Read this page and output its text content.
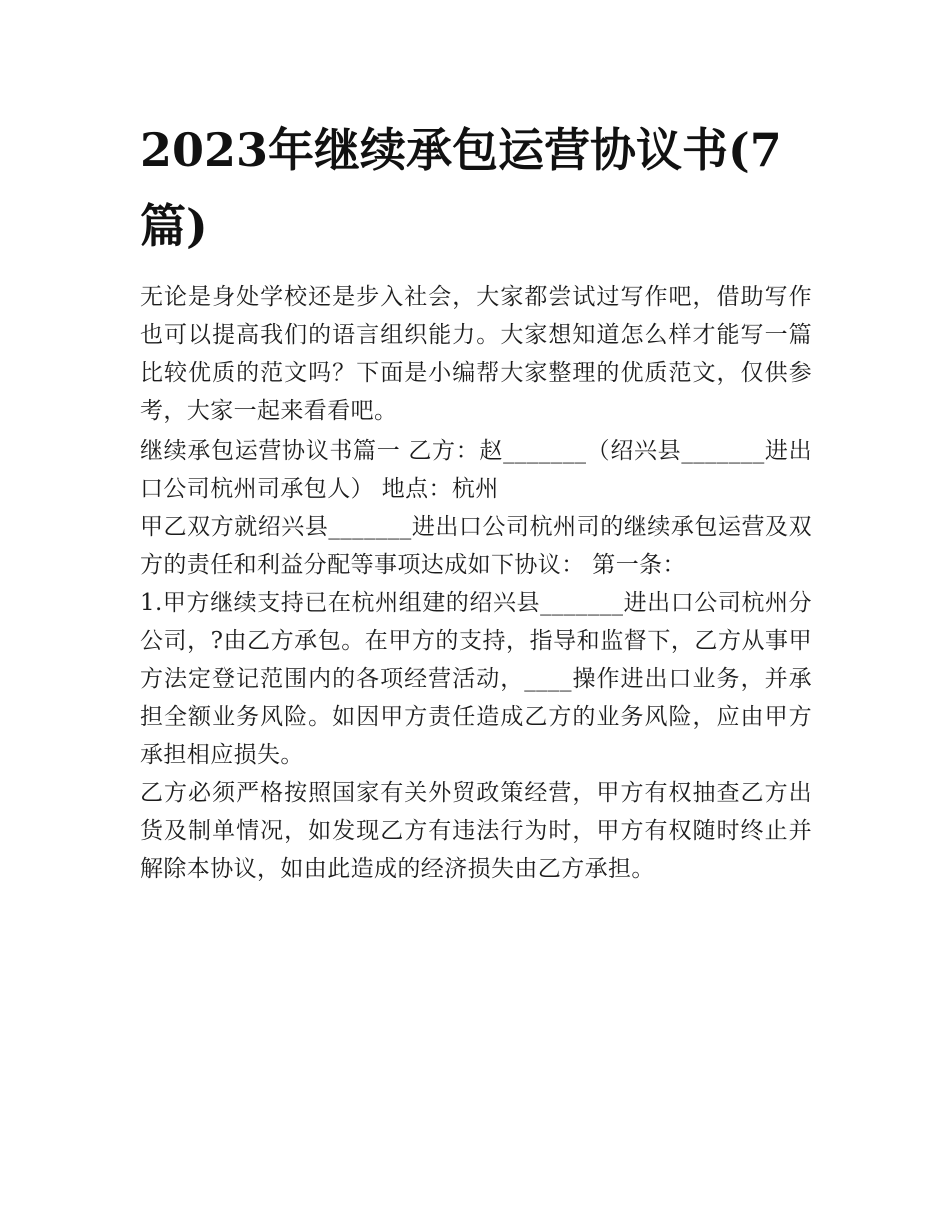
2023年继续承包运营协议书(7篇)

无论是身处学校还是步入社会，大家都尝试过写作吧，借助写作也可以提高我们的语言组织能力。大家想知道怎么样才能写一篇比较优质的范文吗？下面是小编帮大家整理的优质范文，仅供参考，大家一起来看看吧。

继续承包运营协议书篇一 乙方：赵_______（绍兴县_______进出口公司杭州司承包人） 地点：杭州

甲乙双方就绍兴县_______进出口公司杭州司的继续承包运营及双方的责任和利益分配等事项达成如下协议： 第一条：

1.甲方继续支持已在杭州组建的绍兴县_______进出口公司杭州分公司，?由乙方承包。在甲方的支持，指导和监督下，乙方从事甲方法定登记范围内的各项经营活动，____操作进出口业务，并承担全额业务风险。如因甲方责任造成乙方的业务风险，应由甲方承担相应损失。

乙方必须严格按照国家有关外贸政策经营，甲方有权抽查乙方出货及制单情况，如发现乙方有违法行为时，甲方有权随时终止并解除本协议，如由此造成的经济损失由乙方承担。
